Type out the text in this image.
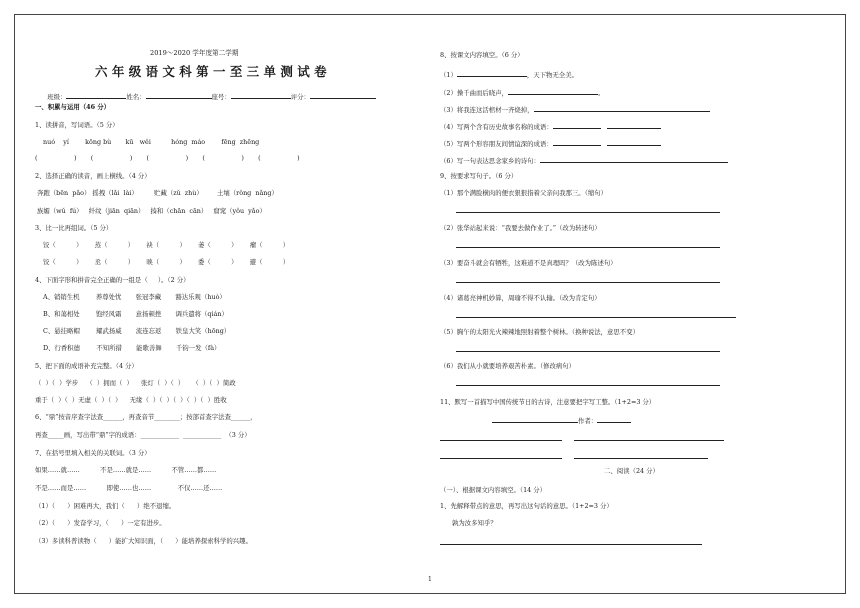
2019～2020 学年度第二学期
六 年 级 语 文 科 第 一 至 三 单 测 试 卷

班级：	姓名：	座号：	评分：

一、积累与运用（46 分）
1、读拼音，写词语。（5 分）
nuó    yí        kōng bù       kū   wěi          hóng  máo        fēng  zhēng
(                  )       (                  )       (                  )       (                  )       (                  )
2、选择正确的读音，画上横线。（4 分）
奔跑（bēn  pǎo） 摇拽（lǎi  lài）        贮藏（zǔ  zhù）       土壤（rǒng  nǎng）
族媚（wǔ  fú）   纤纹（jiān  qiān）   揍和（chān  cān）   窟窕（yǒu  yǎo）
3、比一比再组词。（5 分）
饺（          ）      蒸（          ）      袂（          ）      萎（          ）      瘤（          ）
饺（          ）      丞（          ）      映（          ）      委（          ）      避（          ）
4、下面字形和拼音完全正确的一组是（     ）。（2 分）
A、销销生机        养尊处忧       张冠李藏       豁达乐观（huò）
B、和蔼相处        饱经风霜       意扬顿挫       调兵遣将（qián）
C、悬挂略帽        耀武扬威       流连忘返       铁皇大笑（hōng）
D、行香积德        不知所措       能歌善舞       千钧一发（fà）
5、把下面的成语补充完整。（4 分）
（  ）（  ）学步    （  ）拥而（  ）    张灯（  ）（  ）    （  ）（  ）简政
重于（  ）（  ）无虚（  ）（  ）    无缘（  ）（  ）（  ）（  ）（  ）胜收
6、“鼎”按音序查字法查______，再查音节________；按部首查字法查______，
再查_____画，写出带“鼎”字的成语：____________  ____________  （3 分）
7、在括号里填入相关的关联词。（3 分）
如果……就……          不是……就是……          不管……都……
不是……而是……          即使……也……             不仅……还……
（1）（      ）困难再大，我们（      ）绝不退缩。
（2）（      ）发奋学习，（      ）一定有进步。
（3）多读科普读物（      ）能扩大知识面，（      ）能培养探索科学的兴趣。
8、按课文内容填空。（6 分）
（1）	，天下物无全美。
（2）操千曲而后晓声，	。
（3）将我连这活棺材一齐烧掉，
（4）写两个含有历史故事名称的成语：
（5）写两个形容朋友间情谊深的成语：
（6）写一句表达思念家乡的诗句：
9、按要求写句子。（6 分）
（1）那个满脸横肉的便衣狠狠指着父亲问我那三。（缩句）
（2）张华站起来说：“我要去做作业了。”（改为转述句）
（3）要奋斗就会有牺牲，这难道不是真理吗？（改为陈述句）
（4）诸葛亮神机妙算，周瑜不得不认输。（改为肯定句）
（5）胸午的太阳光火辣辣地照射着整个树林。（换种说法，意思不变）
（6）我们从小就要培养艰苦朴素。（修改病句）
11、默写一首描写中国传统节日的古诗，注意要把字写工整。（1+2=3 分）
作者：
二、阅读（24 分）
（一）、根据课文内容填空。（14 分）
1、先解释带点的意思，再写出这句话的意思。（1+2=3 分）
孰为汝多知乎？
1
